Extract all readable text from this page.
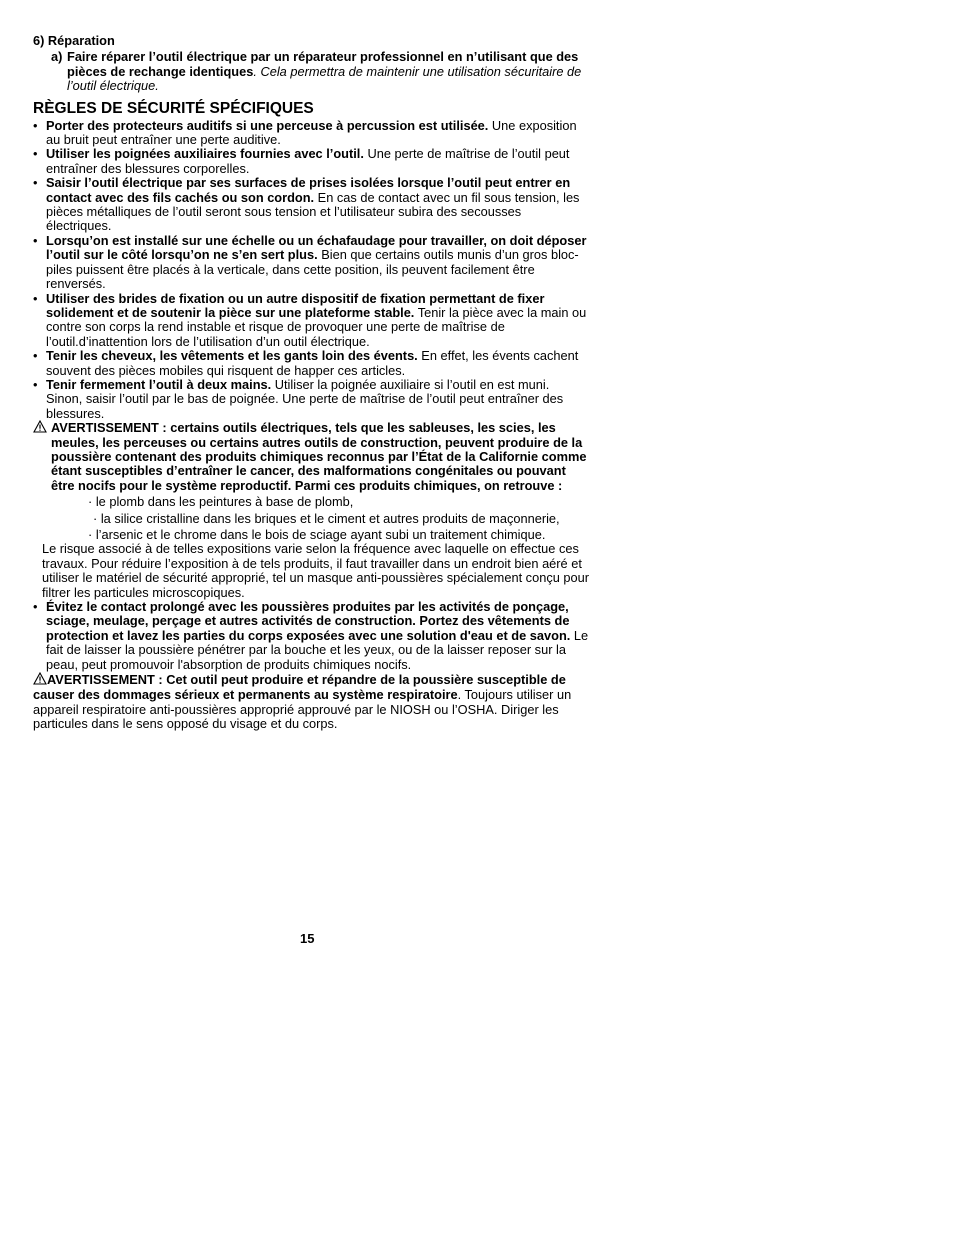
6) Réparation

a) Faire réparer l’outil électrique par un réparateur professionnel en n’utilisant que des pièces de rechange identiques. Cela permettra de maintenir une utilisation sécuritaire de l’outil électrique.
RÈGLES DE SÉCURITÉ SPÉCIFIQUES
• Porter des protecteurs auditifs si une perceuse à percussion est utilisée. Une exposition au bruit peut entraîner une perte auditive.
• Utiliser les poignées auxiliaires fournies avec l’outil. Une perte de maîtrise de l’outil peut entraîner des blessures corporelles.
• Saisir l’outil électrique par ses surfaces de prises isolées lorsque l’outil peut entrer en contact avec des fils cachés ou son cordon. En cas de contact avec un fil sous tension, les pièces métalliques de l’outil seront sous tension et l’utilisateur subira des secousses électriques.
• Lorsqu’on est installé sur une échelle ou un échafaudage pour travailler, on doit déposer l’outil sur le côté lorsqu’on ne s’en sert plus. Bien que certains outils munis d’un gros bloc-piles puissent être placés à la verticale, dans cette position, ils peuvent facilement être renversés.
• Utiliser des brides de fixation ou un autre dispositif de fixation permettant de fixer solidement et de soutenir la pièce sur une plateforme stable. Tenir la pièce avec la main ou contre son corps la rend instable et risque de provoquer une perte de maîtrise de l’outil.d’inattention lors de l’utilisation d’un outil électrique.
• Tenir les cheveux, les vêtements et les gants loin des évents. En effet, les évents cachent souvent des pièces mobiles qui risquent de happer ces articles.
• Tenir fermement l’outil à deux mains. Utiliser la poignée auxiliaire si l’outil en est muni. Sinon, saisir l’outil par le bas de poignée. Une perte de maîtrise de l’outil peut entraîner des blessures.
AVERTISSEMENT : certains outils électriques, tels que les sableuses, les scies, les meules, les perceuses ou certains autres outils de construction, peuvent produire de la poussière contenant des produits chimiques reconnus par l’État de la Californie comme étant susceptibles d’entraîner le cancer, des malformations congénitales ou pouvant être nocifs pour le système reproductif. Parmi ces produits chimiques, on retrouve :
· le plomb dans les peintures à base de plomb,
· la silice cristalline dans les briques et le ciment et autres produits de maçonnerie,
· l’arsenic et le chrome dans le bois de sciage ayant subi un traitement chimique.
Le risque associé à de telles expositions varie selon la fréquence avec laquelle on effectue ces travaux. Pour réduire l’exposition à de tels produits, il faut travailler dans un endroit bien aéré et utiliser le matériel de sécurité approprié, tel un masque anti-poussières spécialement conçu pour filtrer les particules microscopiques.
• Évitez le contact prolongé avec les poussières produites par les activités de ponçage, sciage, meulage, perçage et autres activités de construction. Portez des vêtements de protection et lavez les parties du corps exposées avec une solution d'eau et de savon. Le fait de laisser la poussière pénétrer par la bouche et les yeux, ou de la laisser reposer sur la peau, peut promouvoir l'absorption de produits chimiques nocifs.
AVERTISSEMENT : Cet outil peut produire et répandre de la poussière susceptible de causer des dommages sérieux et permanents au système respiratoire. Toujours utiliser un appareil respiratoire anti-poussières approprié approuvé par le NIOSH ou l’OSHA. Diriger les particules dans le sens opposé du visage et du corps.
15
